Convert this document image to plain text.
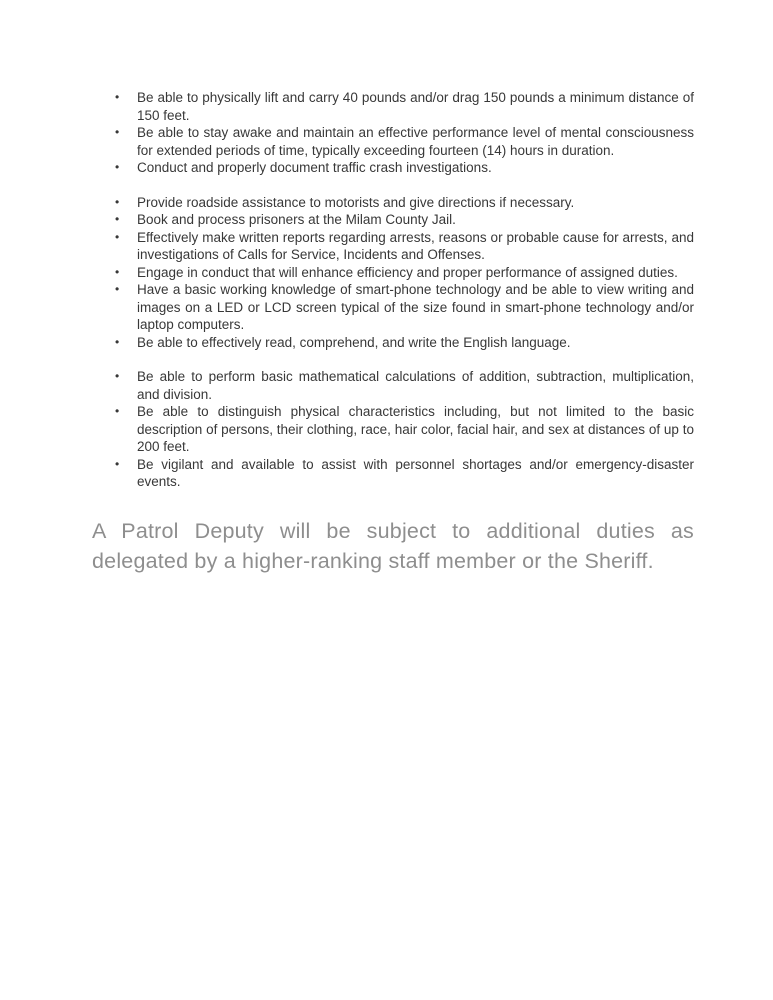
•	Be able to physically lift and carry 40 pounds and/or drag 150 pounds a minimum distance of 150 feet.
•	Be able to stay awake and maintain an effective performance level of mental consciousness for extended periods of time, typically exceeding fourteen (14) hours in duration.
•	Conduct and properly document traffic crash investigations.
•	Provide roadside assistance to motorists and give directions if necessary.
•	Book and process prisoners at the Milam County Jail.
•	Effectively make written reports regarding arrests, reasons or probable cause for arrests, and investigations of Calls for Service, Incidents and Offenses.
•	Engage in conduct that will enhance efficiency and proper performance of assigned duties.
•	Have a basic working knowledge of smart-phone technology and be able to view writing and images on a LED or LCD screen typical of the size found in smart-phone technology and/or laptop computers.
•	Be able to effectively read, comprehend, and write the English language.
•	Be able to perform basic mathematical calculations of addition, subtraction, multiplication, and division.
•	Be able to distinguish physical characteristics including, but not limited to the basic description of persons, their clothing, race, hair color, facial hair, and sex at distances of up to 200 feet.
•	Be vigilant and available to assist with personnel shortages and/or emergency-disaster events.

A Patrol Deputy will be subject to additional duties as delegated by a higher-ranking staff member or the Sheriff.
